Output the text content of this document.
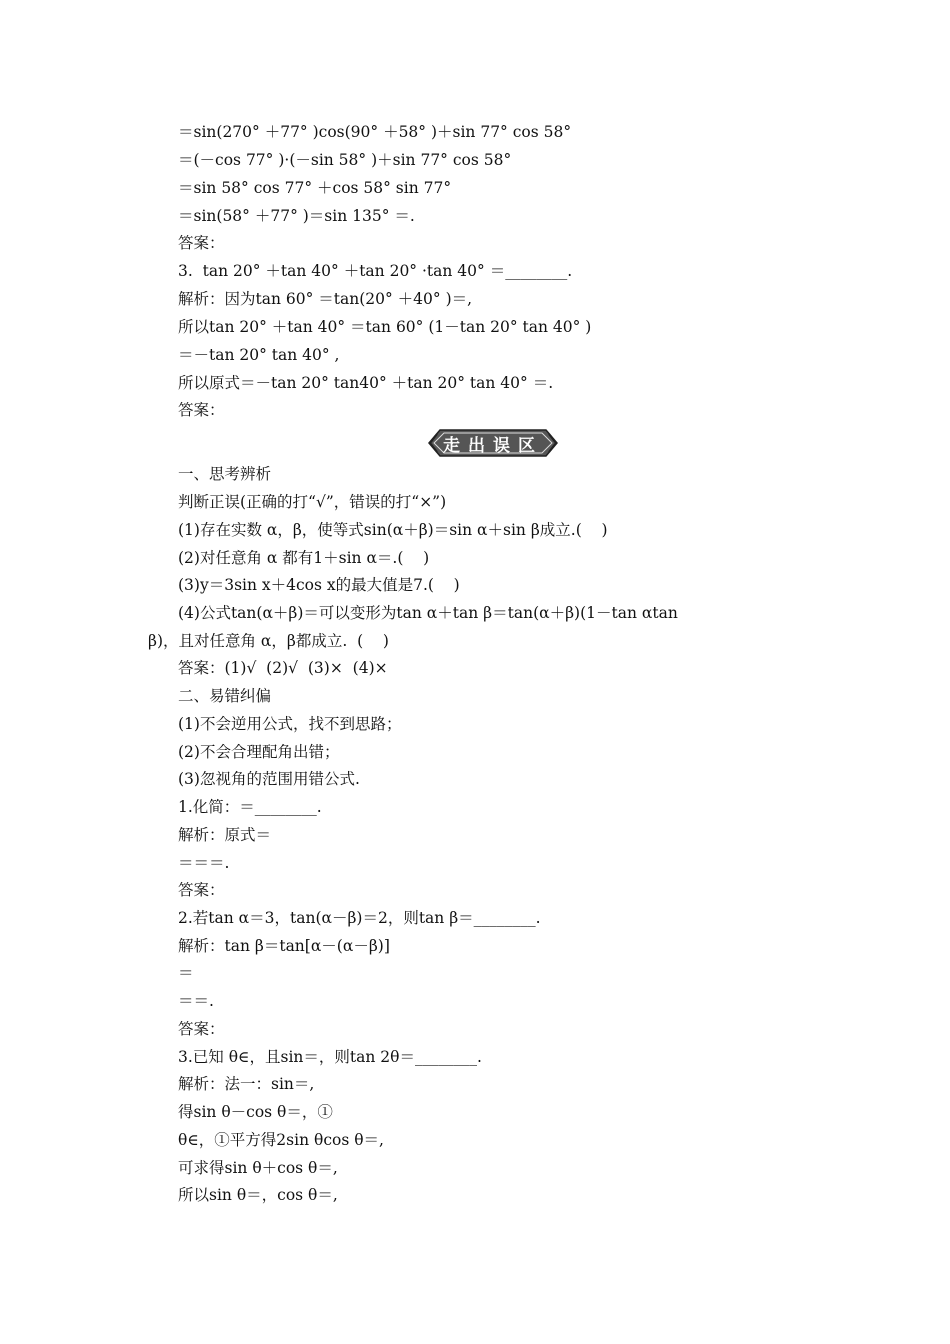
＝sin(270° ＋77° )cos(90° ＋58° )＋sin 77° cos 58°
＝(－cos 77° )·(－sin 58° )＋sin 77° cos 58°
＝sin 58° cos 77° ＋cos 58° sin 77°
＝sin(58° ＋77° )＝sin 135° ＝.
答案：
3.  tan 20° ＋tan 40° ＋tan 20° ·tan 40° ＝________.
解析：因为tan 60° ＝tan(20° ＋40° )＝,
所以tan 20° ＋tan 40° ＝tan 60° (1－tan 20° tan 40° )
＝－tan 20° tan 40° ,
所以原式＝－tan 20° tan40° ＋tan 20° tan 40° ＝.
答案：
走出误区
一、思考辨析
判断正误(正确的打“√”，错误的打“×”)
(1)存在实数 α，β，使等式sin(α＋β)＝sin α＋sin β成立.(    )
(2)对任意角 α 都有1＋sin α＝.(    )
(3)y＝3sin x＋4cos x的最大值是7.(    )
(4)公式tan(α＋β)＝可以变形为tan α＋tan β＝tan(α＋β)(1－tan αtan
β)，且对任意角 α，β都成立.  (    )
答案：(1)√  (2)√  (3)×  (4)×
二、易错纠偏
(1)不会逆用公式，找不到思路；
(2)不会合理配角出错；
(3)忽视角的范围用错公式.
1.化简：＝________.
解析：原式＝
＝＝＝.
答案：
2.若tan α＝3，tan(α－β)＝2，则tan β＝________.
解析：tan β＝tan[α－(α－β)]
＝
＝＝.
答案：
3.已知 θ∈，且sin＝，则tan 2θ＝________.
解析：法一：sin＝,
得sin θ－cos θ＝，①
θ∈，①平方得2sin θcos θ＝,
可求得sin θ＋cos θ＝,
所以sin θ＝，cos θ＝,
